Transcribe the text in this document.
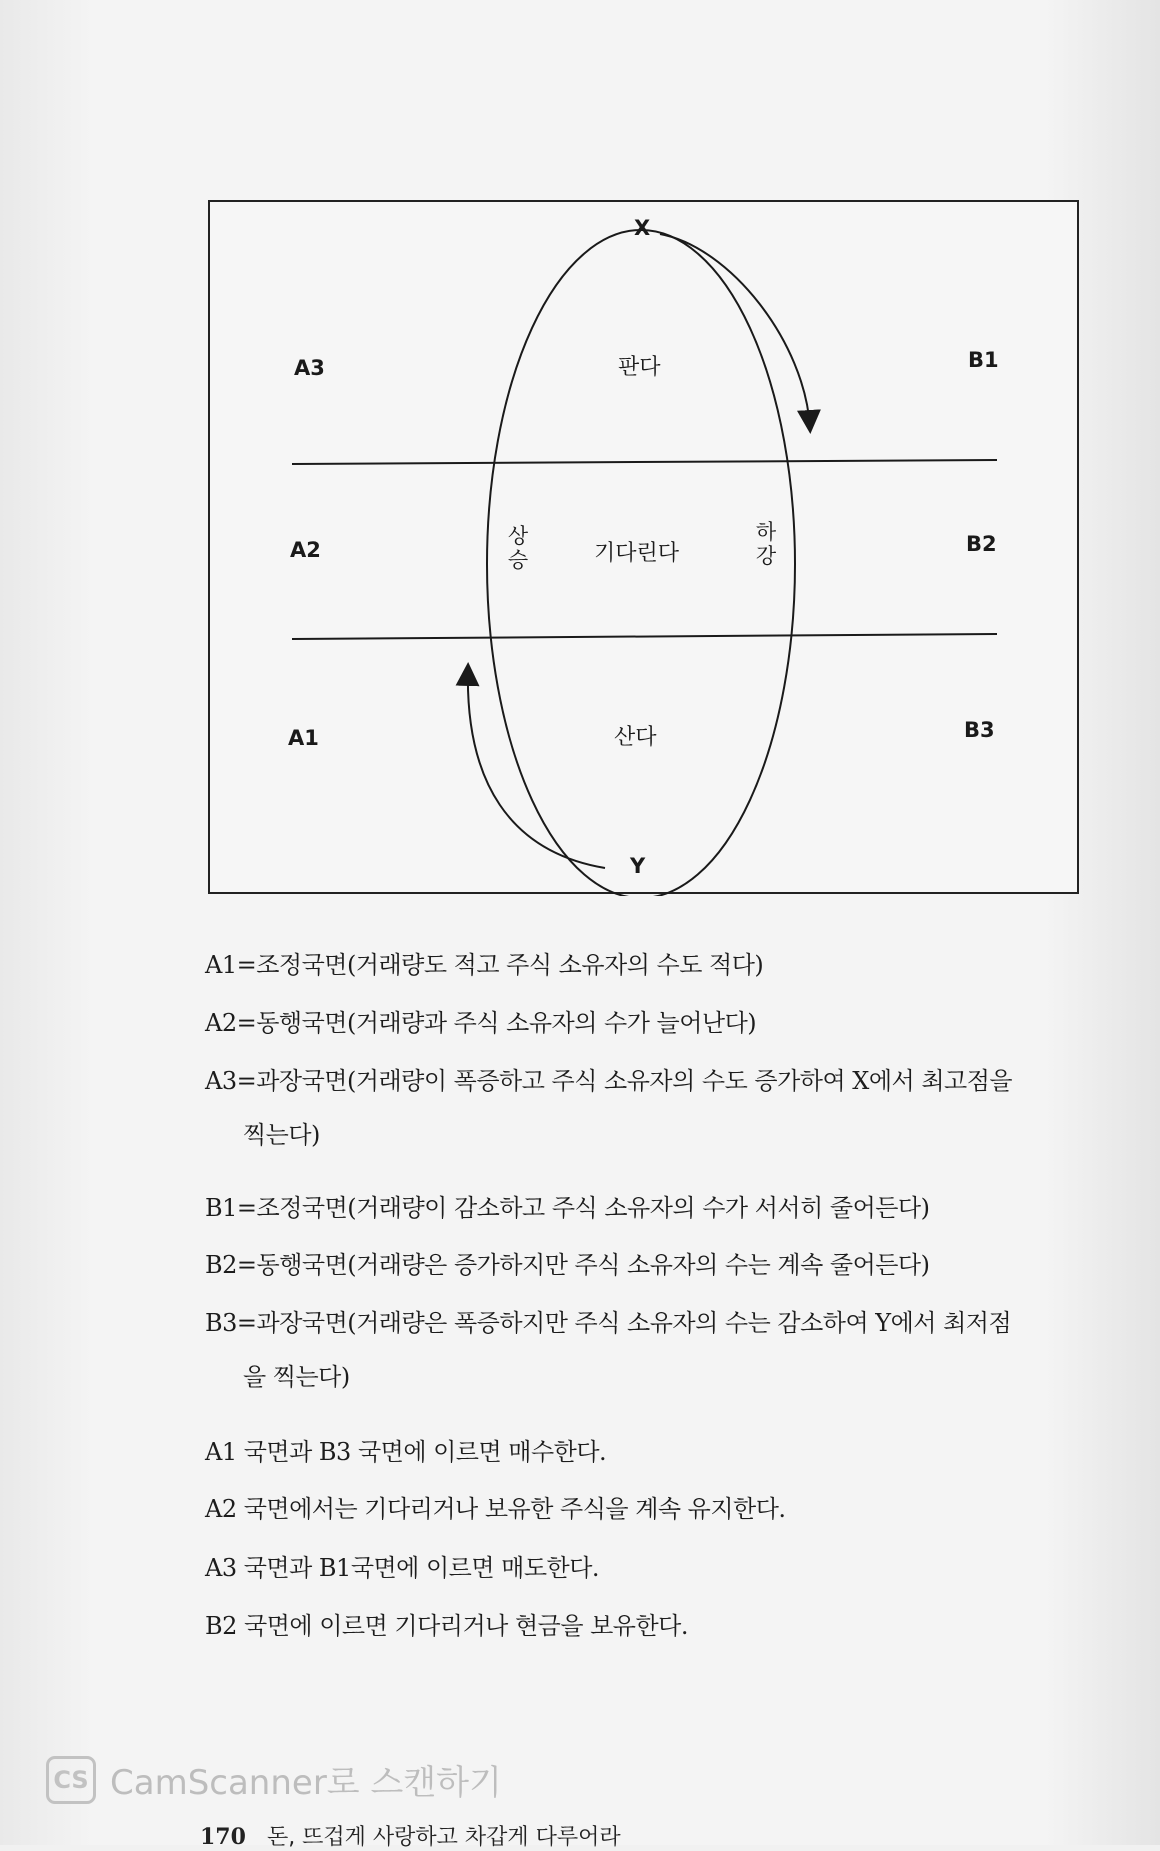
X
Y
A3
A2
A1
B1
B2
B3
판다
기다린다
산다
상승
하강
A1=조정국면(거래량도 적고 주식 소유자의 수도 적다)
A2=동행국면(거래량과 주식 소유자의 수가 늘어난다)
A3=과장국면(거래량이 폭증하고 주식 소유자의 수도 증가하여 X에서 최고점을
찍는다)
B1=조정국면(거래량이 감소하고 주식 소유자의 수가 서서히 줄어든다)
B2=동행국면(거래량은 증가하지만 주식 소유자의 수는 계속 줄어든다)
B3=과장국면(거래량은 폭증하지만 주식 소유자의 수는 감소하여 Y에서 최저점
을 찍는다)
A1 국면과 B3 국면에 이르면 매수한다.
A2 국면에서는 기다리거나 보유한 주식을 계속 유지한다.
A3 국면과 B1국면에 이르면 매도한다.
B2 국면에 이르면 기다리거나 현금을 보유한다.
CS CamScanner로 스캔하기
170 돈, 뜨겁게 사랑하고 차갑게 다루어라
